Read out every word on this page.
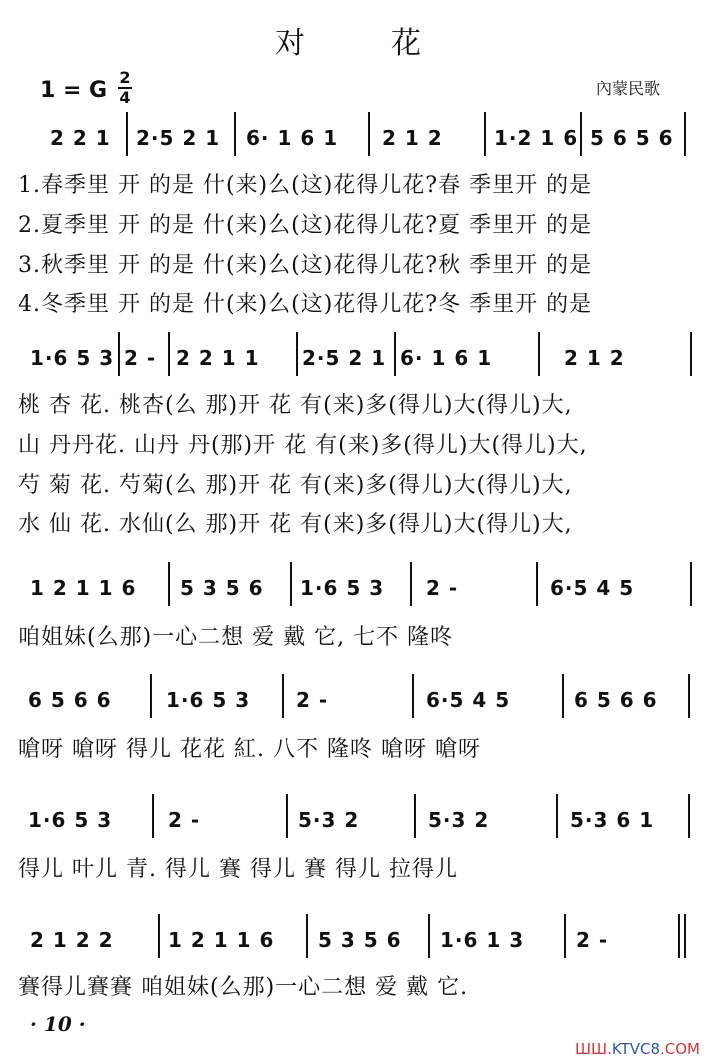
对　花
1 = G
2
4	內蒙民歌
2 2 1 2·5 2 1 6· 1 6 1 2 1 2	1·2 1 6 5 6 5 6
1.春季里 开 的是 什(来)么(这)花得儿花?春 季里开 的是
2.夏季里 开 的是 什(来)么(这)花得儿花?夏 季里开 的是
3.秋季里 开 的是 什(来)么(这)花得儿花?秋 季里开 的是
4.冬季里 开 的是 什(来)么(这)花得儿花?冬 季里开 的是
1·6 5 3 2 - 2 2 1 1 2·5 2 1 6· 1 6 1	2 1 2
桃 杏 花. 桃杏(么 那)开 花 有(来)多(得儿)大(得儿)大,
山 丹丹花. 山丹 丹(那)开 花 有(来)多(得儿)大(得儿)大,
芍 菊 花. 芍菊(么 那)开 花 有(来)多(得儿)大(得儿)大,
水 仙 花. 水仙(么 那)开 花 有(来)多(得儿)大(得儿)大,
1 2 1 1 6 5 3 5 6 1·6 5 3 2 -	6·5 4 5
咱姐妹(么那)一心二想 爱 戴 它, 七不 隆咚
6 5 6 6	1·6 5 3 2 -	6·5 4 5	6 5 6 6
嗆呀 嗆呀 得儿 花花 紅. 八不 隆咚 嗆呀 嗆呀
1·6 5 3	2 -	5·3 2	5·3 2	5·3 6 1
得儿 叶儿 青. 得儿 賽 得儿 賽 得儿 拉得儿
2 1 2 2	1 2 1 1 6 5 3 5 6 1·6 1 3	2 -
賽得儿賽賽 咱姐妹(么那)一心二想 爱 戴 它.
· 10 ·
ШШ.KTVC8.COM
